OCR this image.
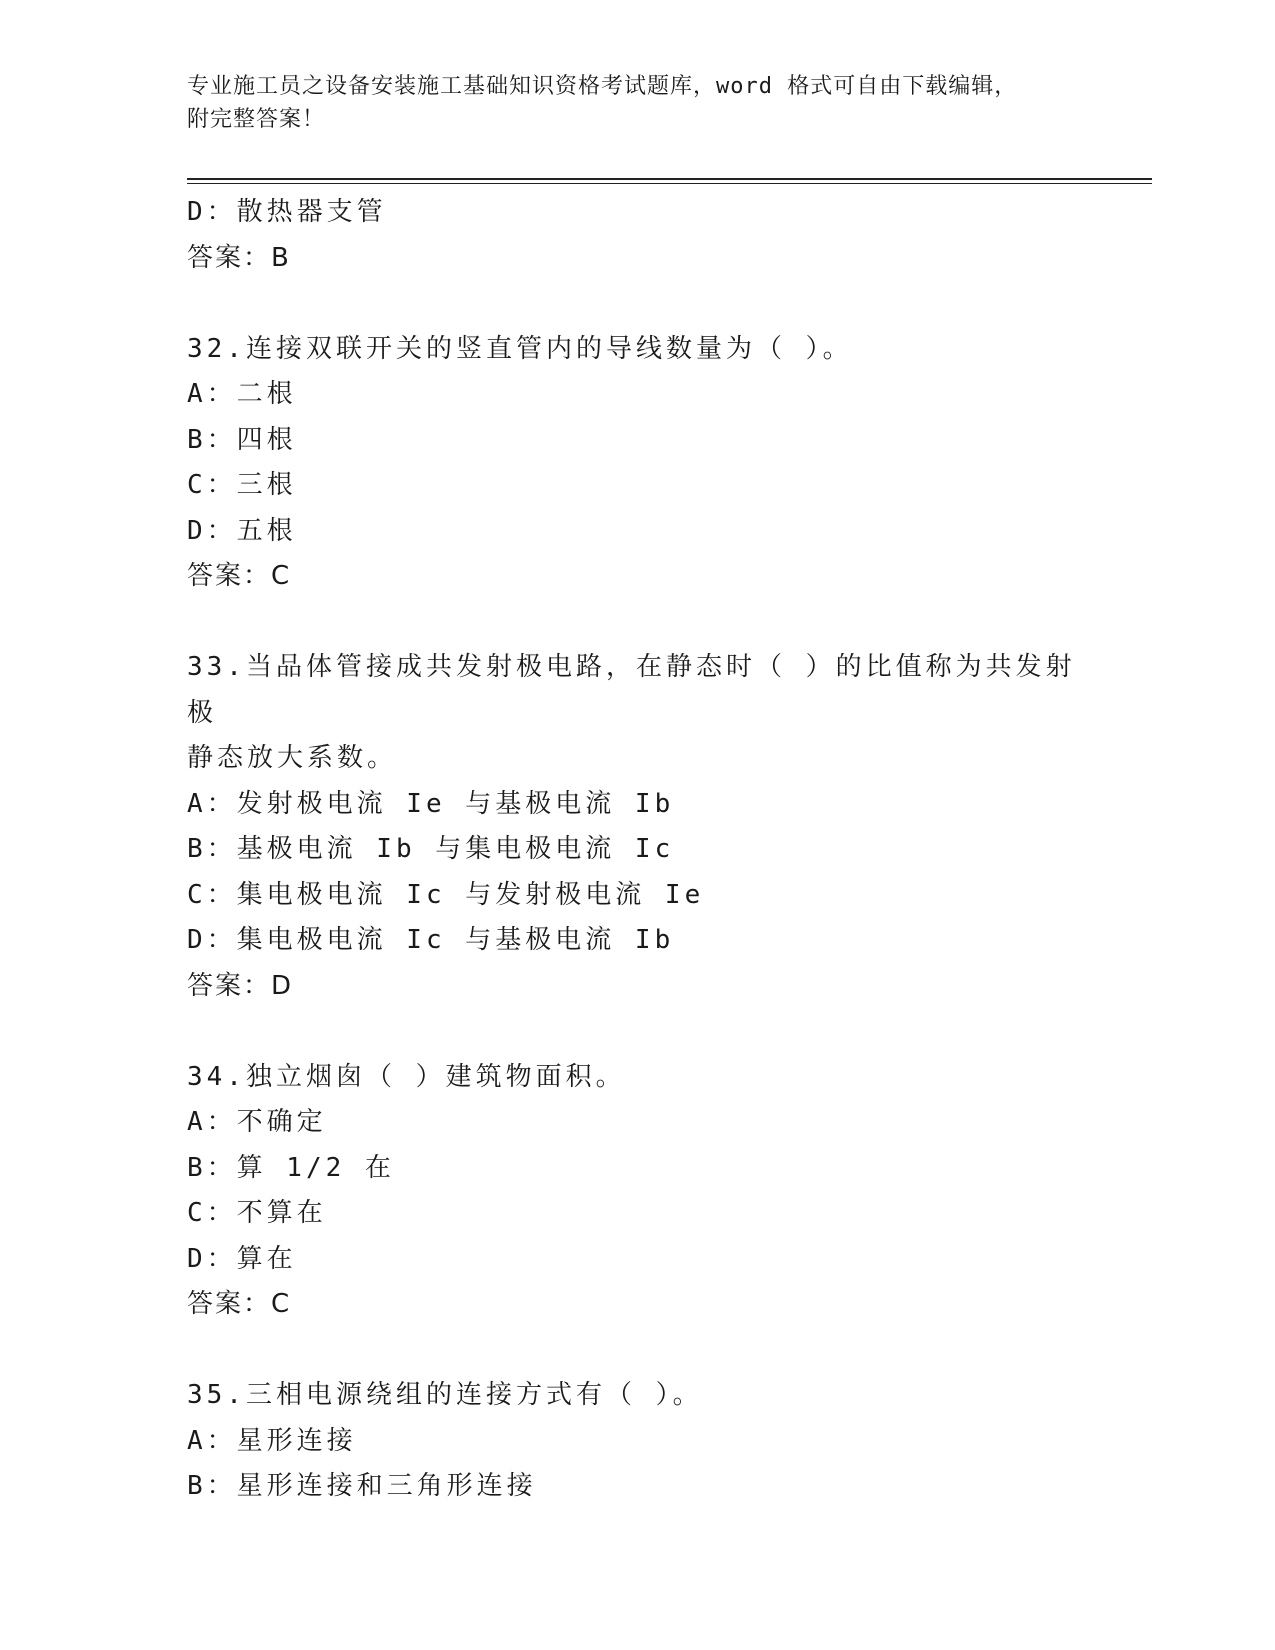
专业施工员之设备安装施工基础知识资格考试题库，word 格式可自由下载编辑，
附完整答案！
D：散热器支管
答案：B
32.连接双联开关的竖直管内的导线数量为（ ）。
A：二根
B：四根
C：三根
D：五根
答案：C
33.当品体管接成共发射极电路，在静态时（ ）的比值称为共发射极
静态放大系数。
A：发射极电流 Ie 与基极电流 Ib
B：基极电流 Ib 与集电极电流 Ic
C：集电极电流 Ic 与发射极电流 Ie
D：集电极电流 Ic 与基极电流 Ib
答案：D
34.独立烟囱（ ）建筑物面积。
A：不确定
B：算 1/2 在
C：不算在
D：算在
答案：C
35.三相电源绕组的连接方式有（ ）。
A：星形连接
B：星形连接和三角形连接
